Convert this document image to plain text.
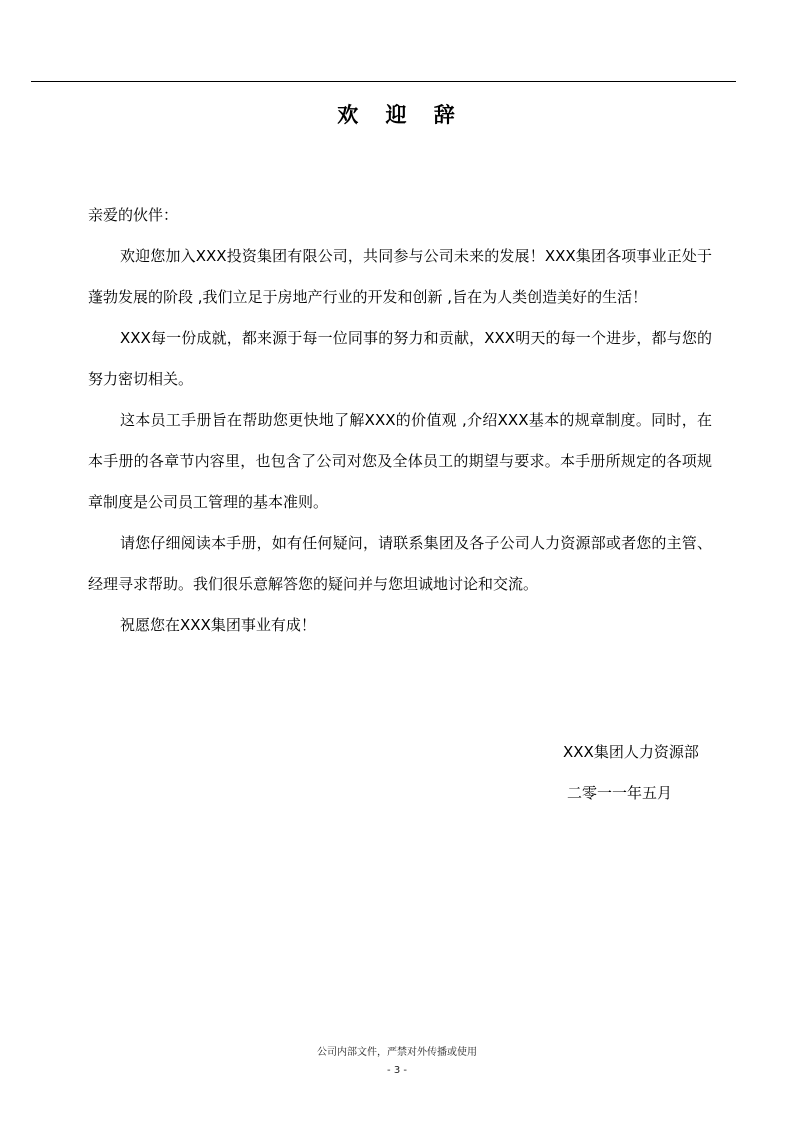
欢 迎 辞

亲爱的伙伴：

欢迎您加入XXX投资集团有限公司，共同参与公司未来的发展！XXX集团各项事业正处于蓬勃发展的阶段 ,我们立足于房地产行业的开发和创新 ,旨在为人类创造美好的生活！

XXX每一份成就，都来源于每一位同事的努力和贡献，XXX明天的每一个进步，都与您的努力密切相关。

这本员工手册旨在帮助您更快地了解XXX的价值观 ,介绍XXX基本的规章制度。同时，在本手册的各章节内容里，也包含了公司对您及全体员工的期望与要求。本手册所规定的各项规章制度是公司员工管理的基本准则。

请您仔细阅读本手册，如有任何疑问，请联系集团及各子公司人力资源部或者您的主管、经理寻求帮助。我们很乐意解答您的疑问并与您坦诚地讨论和交流。

祝愿您在XXX集团事业有成！

XXX集团人力资源部
二零一一年五月
公司内部文件，严禁对外传播或使用
- 3 -
